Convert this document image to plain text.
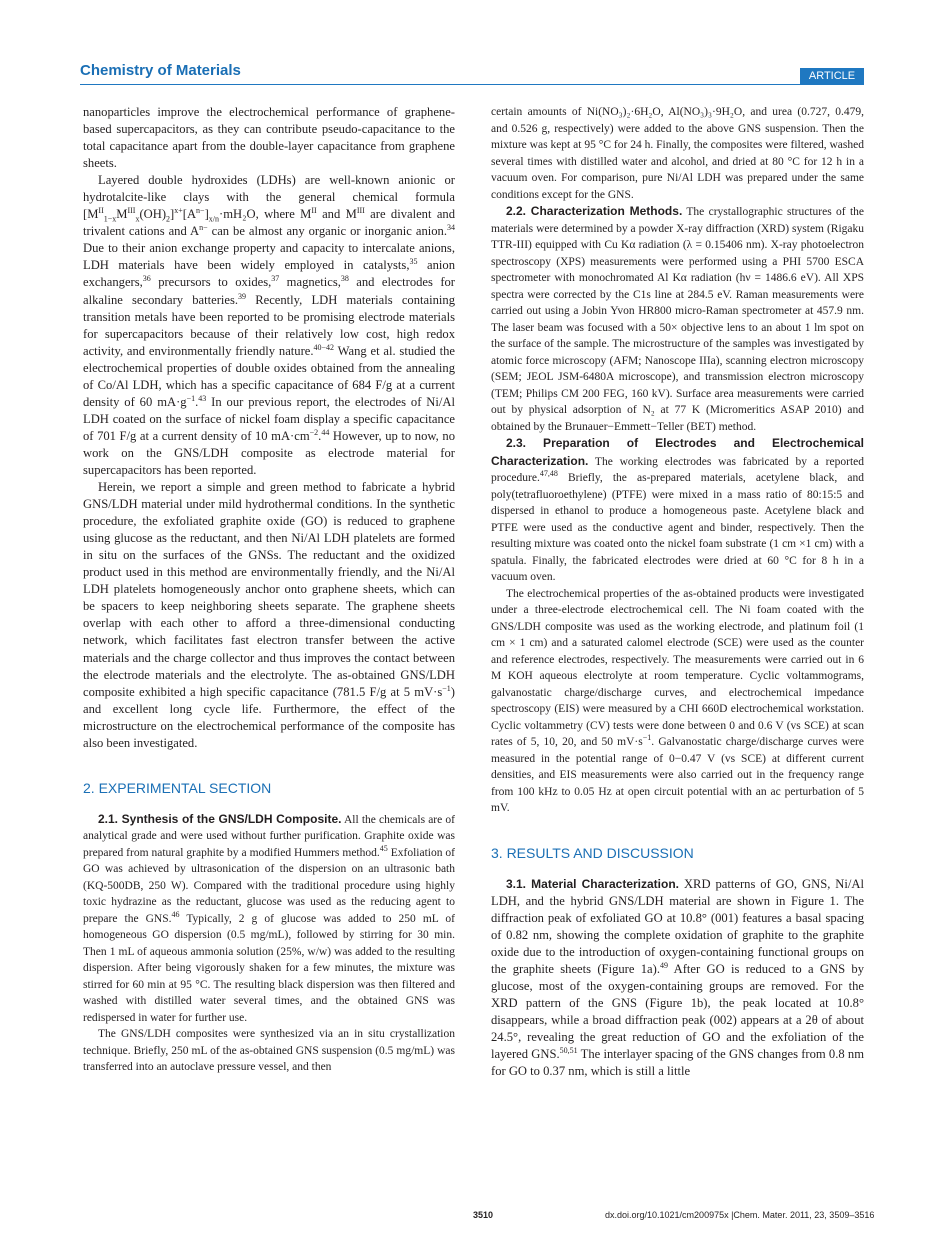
Chemistry of Materials	ARTICLE

nanoparticles improve the electrochemical performance of graphene-based supercapacitors, as they can contribute pseudo-capacitance to the total capacitance apart from the double-layer capacitance from graphene sheets.

Layered double hydroxides (LDHs) are well-known anionic or hydrotalcite-like clays with the general chemical formula $[M^{II}_{1-x}M^{III}_x(OH)_2]^{x+}[A^{n-}]_{x/n}\cdot mH_2O$, where $M^{II}$ and $M^{III}$ are divalent and trivalent cations and $A^{n-}$ can be almost any organic or inorganic anion.$^{34}$ Due to their anion exchange property and capacity to intercalate anions, LDH materials have been widely employed in catalysts,$^{35}$ anion exchangers,$^{36}$ precursors to oxides,$^{37}$ magnetics,$^{38}$ and electrodes for alkaline secondary batteries.$^{39}$ Recently, LDH materials containing transition metals have been reported to be promising electrode materials for supercapacitors because of their relatively low cost, high redox activity, and environmentally friendly nature.$^{40-42}$ Wang et al. studied the electrochemical properties of double oxides obtained from the annealing of Co/Al LDH, which has a specific capacitance of 684 F/g at a current density of 60 $mA\cdot g^{-1}.^{43}$ In our previous report, the electrodes of Ni/Al LDH coated on the surface of nickel foam display a specific capacitance of 701 F/g at a current density of 10 $mA\cdot cm^{-2}.^{44}$ However, up to now, no work on the GNS/LDH composite as electrode material for supercapacitors has been reported.

Herein, we report a simple and green method to fabricate a hybrid GNS/LDH material under mild hydrothermal conditions. In the synthetic procedure, the exfoliated graphite oxide (GO) is reduced to graphene using glucose as the reductant, and then Ni/Al LDH platelets are formed in situ on the surfaces of the GNSs. The reductant and the oxidized product used in this method are environmentally friendly, and the Ni/Al LDH platelets homogeneously anchor onto graphene sheets, which can be spacers to keep neighboring sheets separate. The graphene sheets overlap with each other to afford a three-dimensional conducting network, which facilitates fast electron transfer between the active materials and the charge collector and thus improves the contact between the electrode materials and the electrolyte. The as-obtained GNS/LDH composite exhibited a high specific capacitance (781.5 F/g at 5 $mV\cdot s^{-1}$) and excellent long cycle life. Furthermore, the effect of the microstructure on the electrochemical performance of the composite has also been investigated.

2. EXPERIMENTAL SECTION

2.1. Synthesis of the GNS/LDH Composite. All the chemicals are of analytical grade and were used without further purification. Graphite oxide was prepared from natural graphite by a modified Hummers method.$^{45}$ Exfoliation of GO was achieved by ultrasonication of the dispersion on an ultrasonic bath (KQ-500DB, 250 W). Compared with the traditional procedure using highly toxic hydrazine as the reductant, glucose was used as the reducing agent to prepare the GNS.$^{46}$ Typically, 2 g of glucose was added to 250 mL of homogeneous GO dispersion (0.5 mg/mL), followed by stirring for 30 min. Then 1 mL of aqueous ammonia solution (25%, w/w) was added to the resulting dispersion. After being vigorously shaken for a few minutes, the mixture was stirred for 60 min at 95 °C. The resulting black dispersion was then filtered and washed with distilled water several times, and the obtained GNS was redispersed in water for further use.

The GNS/LDH composites were synthesized via an in situ crystallization technique. Briefly, 250 mL of the as-obtained GNS suspension (0.5 mg/mL) was transferred into an autoclave pressure vessel, and then

certain amounts of Ni(NO₃)₂·6H₂O, Al(NO₃)₃·9H₂O, and urea (0.727, 0.479, and 0.526 g, respectively) were added to the above GNS suspension. Then the mixture was kept at 95 °C for 24 h. Finally, the composites were filtered, washed several times with distilled water and alcohol, and dried at 80 °C for 12 h in a vacuum oven. For comparison, pure Ni/Al LDH was prepared under the same conditions except for the GNS.

2.2. Characterization Methods. The crystallographic structures of the materials were determined by a powder X-ray diffraction (XRD) system (Rigaku TTR-III) equipped with Cu Kα radiation (λ = 0.15406 nm). X-ray photoelectron spectroscopy (XPS) measurements were performed using a PHI 5700 ESCA spectrometer with monochromated Al Kα radiation (hν = 1486.6 eV). All XPS spectra were corrected by the C1s line at 284.5 eV. Raman measurements were carried out using a Jobin Yvon HR800 micro-Raman spectrometer at 457.9 nm. The laser beam was focused with a 50× objective lens to an about 1 lm spot on the surface of the sample. The microstructure of the samples was investigated by atomic force microscopy (AFM; Nanoscope IIIa), scanning electron microscopy (SEM; JEOL JSM-6480A microscope), and transmission electron microscopy (TEM; Philips CM 200 FEG, 160 kV). Surface area measurements were carried out by physical adsorption of N₂ at 77 K (Micromeritics ASAP 2010) and obtained by the Brunauer−Emmett−Teller (BET) method.

2.3. Preparation of Electrodes and Electrochemical Characterization. The working electrodes was fabricated by a reported procedure.$^{47,48}$ Briefly, the as-prepared materials, acetylene black, and poly(tetrafluoroethylene) (PTFE) were mixed in a mass ratio of 80:15:5 and dispersed in ethanol to produce a homogeneous paste. Acetylene black and PTFE were used as the conductive agent and binder, respectively. Then the resulting mixture was coated onto the nickel foam substrate (1 cm ×1 cm) with a spatula. Finally, the fabricated electrodes were dried at 60 °C for 8 h in a vacuum oven.

The electrochemical properties of the as-obtained products were investigated under a three-electrode electrochemical cell. The Ni foam coated with the GNS/LDH composite was used as the working electrode, and platinum foil (1 cm × 1 cm) and a saturated calomel electrode (SCE) were used as the counter and reference electrodes, respectively. The measurements were carried out in 6 M KOH aqueous electrolyte at room temperature. Cyclic voltammograms, galvanostatic charge/discharge curves, and electrochemical impedance spectroscopy (EIS) were measured by a CHI 660D electrochemical workstation. Cyclic voltammetry (CV) tests were done between 0 and 0.6 V (vs SCE) at scan rates of 5, 10, 20, and 50 $mV\cdot s^{-1}$. Galvanostatic charge/discharge curves were measured in the potential range of 0−0.47 V (vs SCE) at different current densities, and EIS measurements were also carried out in the frequency range from 100 kHz to 0.05 Hz at open circuit potential with an ac perturbation of 5 mV.

3. RESULTS AND DISCUSSION

3.1. Material Characterization. XRD patterns of GO, GNS, Ni/Al LDH, and the hybrid GNS/LDH material are shown in Figure 1. The diffraction peak of exfoliated GO at 10.8° (001) features a basal spacing of 0.82 nm, showing the complete oxidation of graphite to the graphite oxide due to the introduction of oxygen-containing functional groups on the graphite sheets (Figure 1a).$^{49}$ After GO is reduced to a GNS by glucose, most of the oxygen-containing groups are removed. For the XRD pattern of the GNS (Figure 1b), the peak located at 10.8° disappears, while a broad diffraction peak (002) appears at a 2θ of about 24.5°, revealing the great reduction of GO and the exfoliation of the layered GNS.$^{50,51}$ The interlayer spacing of the GNS changes from 0.8 nm for GO to 0.37 nm, which is still a little

3510	dx.doi.org/10.1021/cm200975x |Chem. Mater. 2011, 23, 3509–3516
